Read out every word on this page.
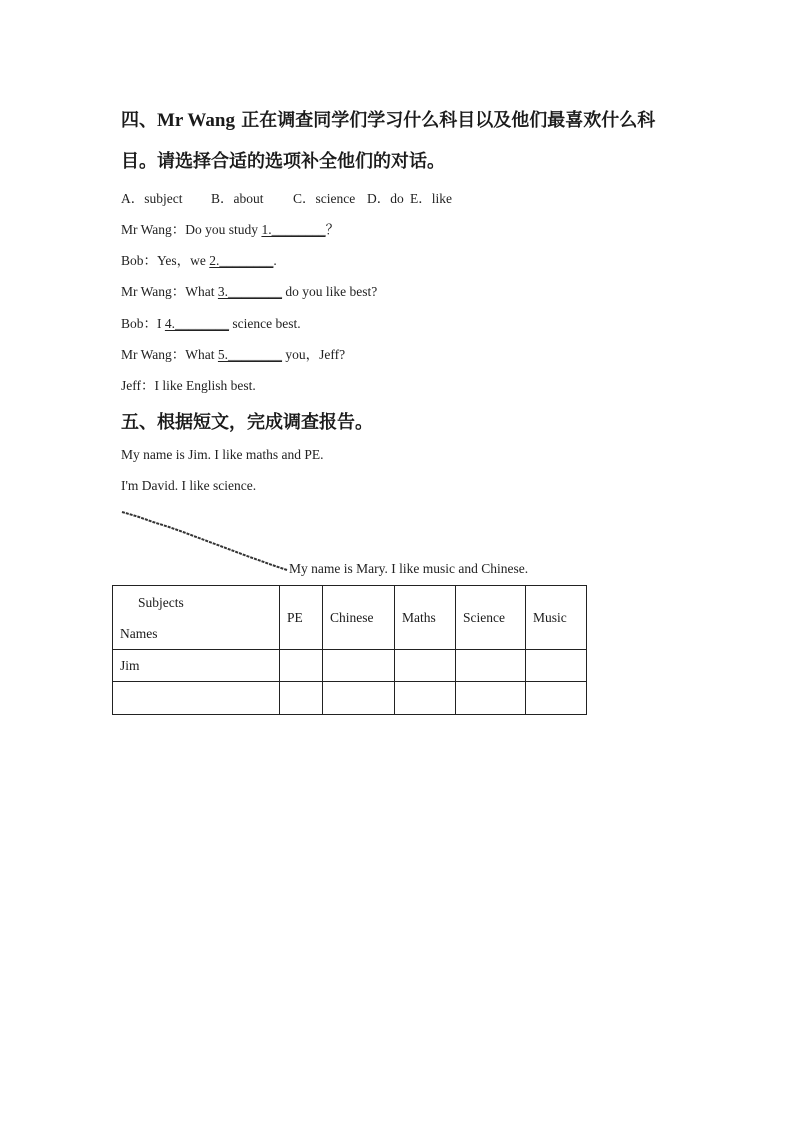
四、Mr Wang 正在调查同学们学习什么科目以及他们最喜欢什么科
目。请选择合适的选项补全他们的对话。
A．subject B．about C．science D．do E．like
Mr Wang：Do you study 1.________？
Bob：Yes，we 2.________.
Mr Wang：What 3.________ do you like best?
Bob：I 4.________ science best.
Mr Wang：What 5.________ you，Jeff?
Jeff：I like English best.
五、根据短文，完成调查报告。
My name is Jim. I like maths and PE.
I'm David. I like science.
My name is Mary. I like music and Chinese.
Subjects
Names	PE	Chinese	Maths	Science	Music
Jim					
